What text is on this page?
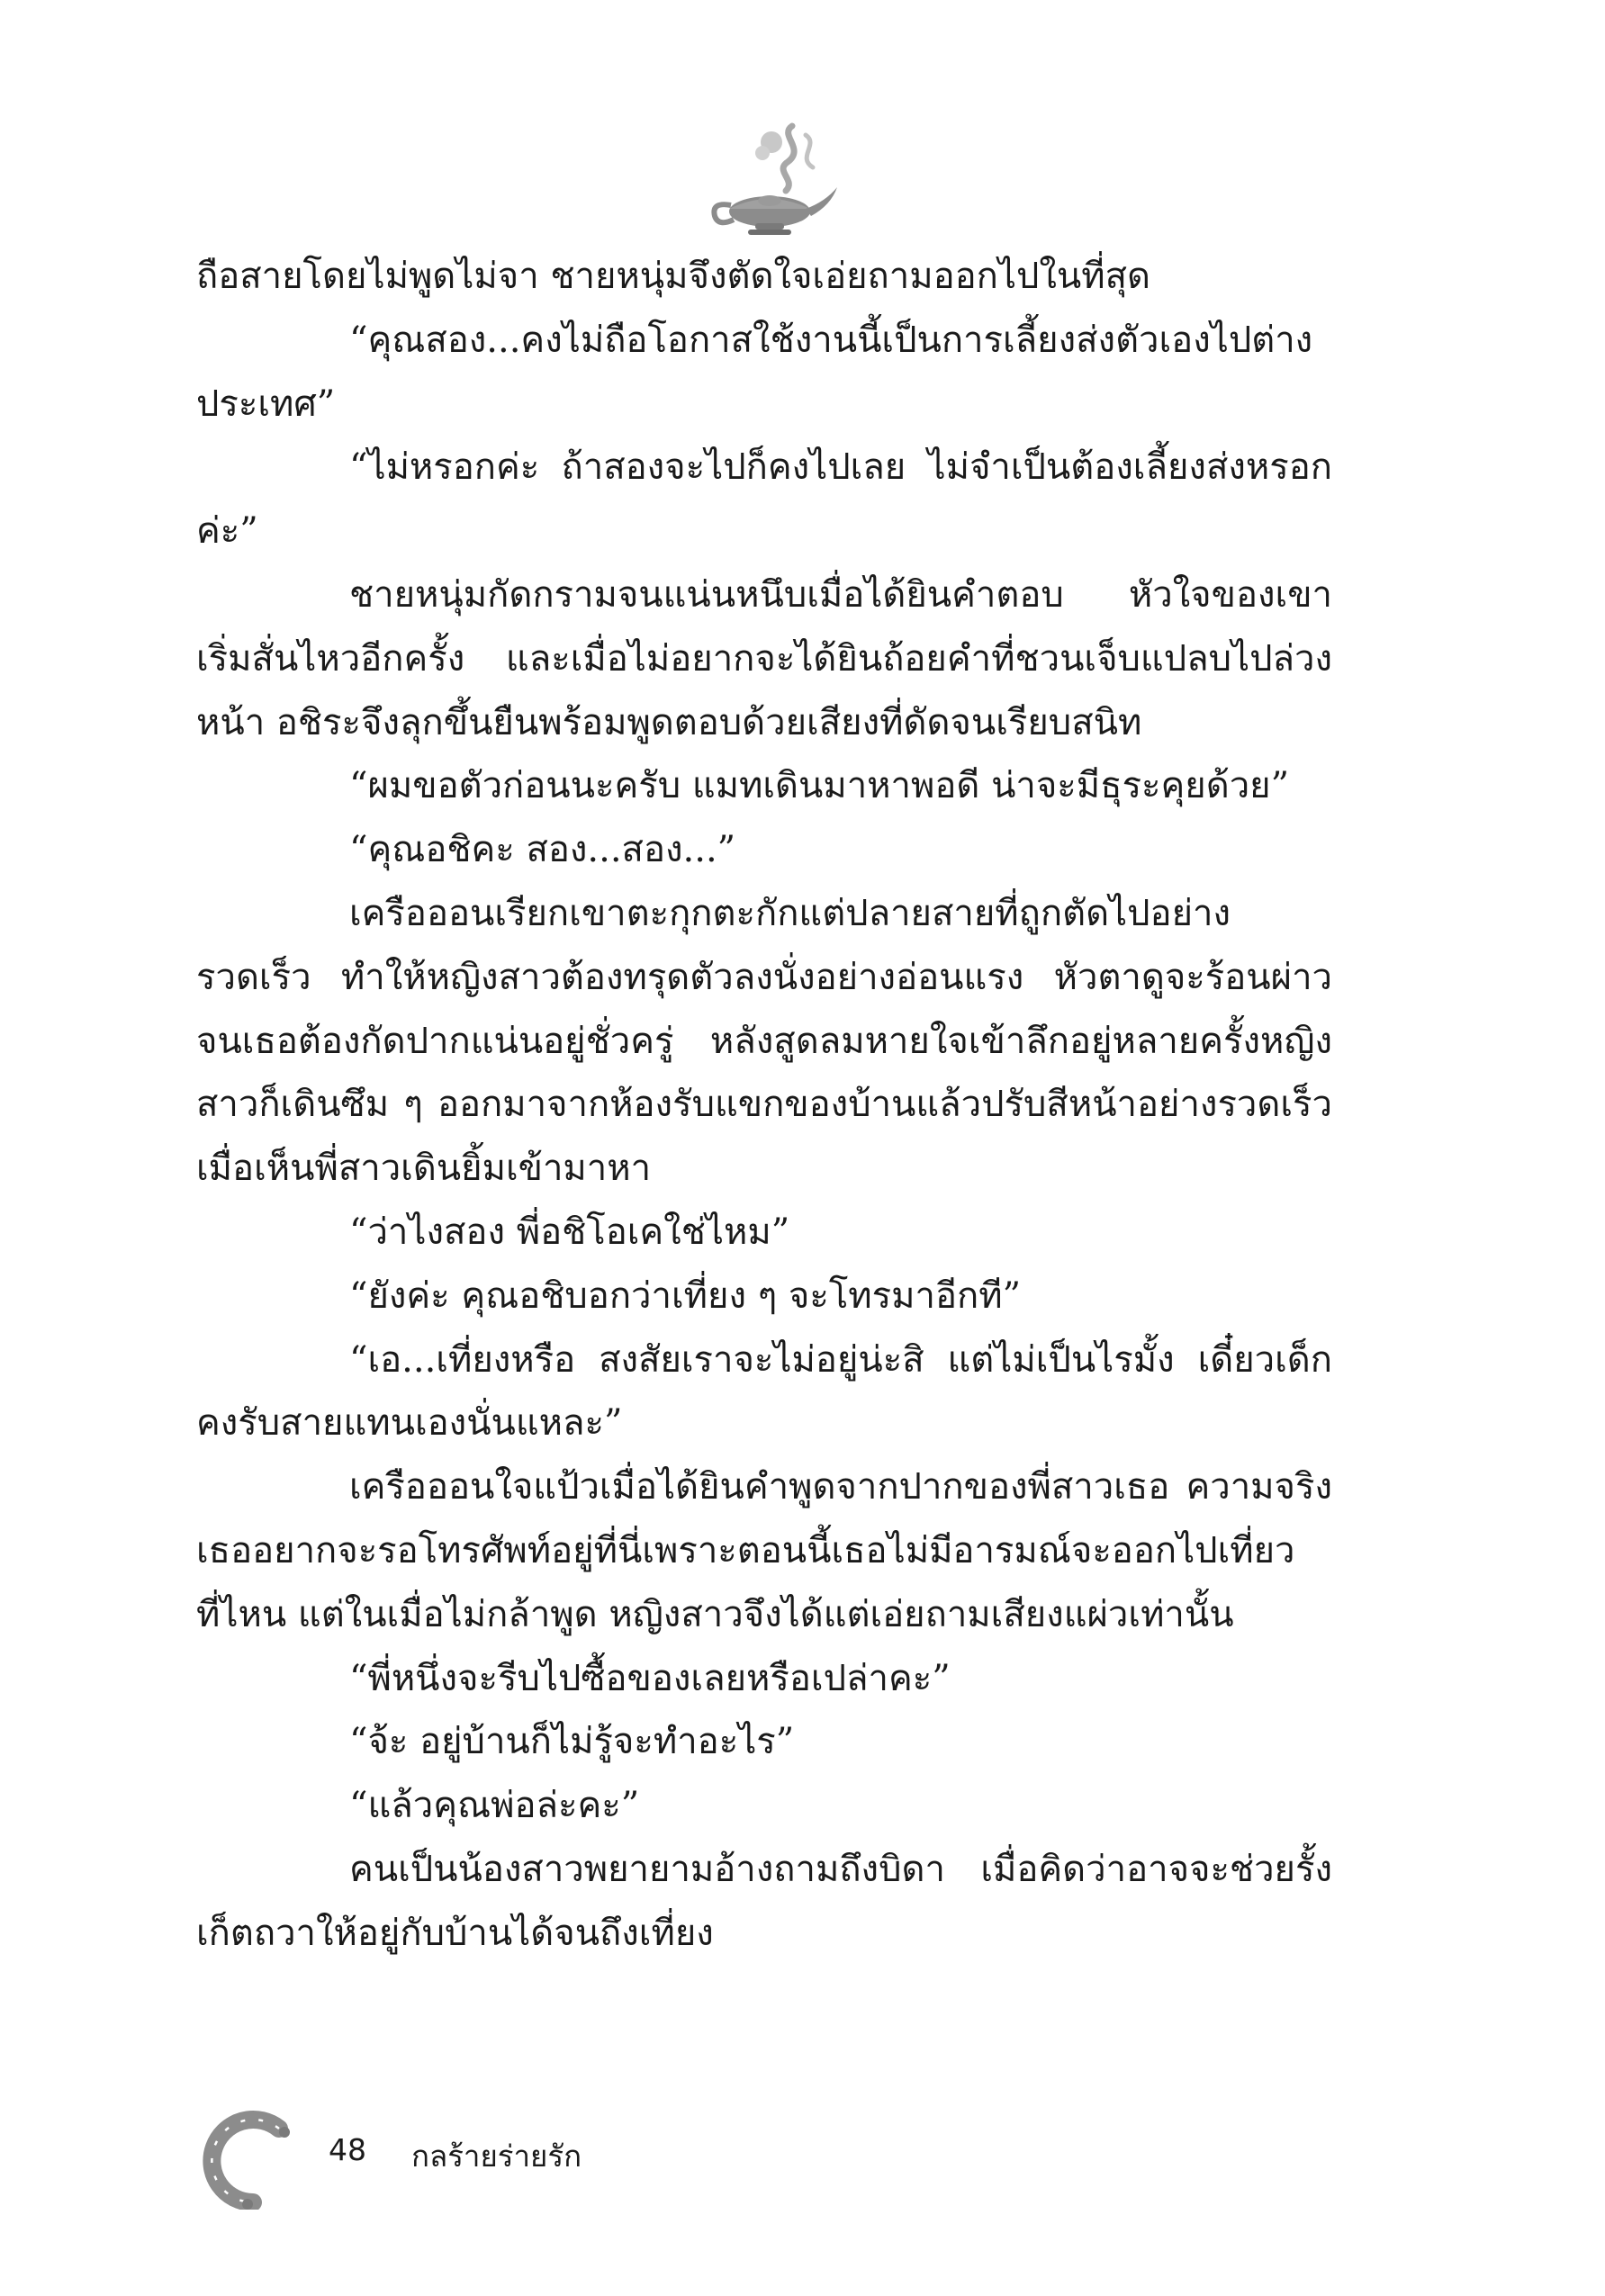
ถือสายโดยไม่พูดไม่จา ชายหนุ่มจึงตัดใจเอ่ยถามออกไปในที่สุด

“คุณสอง...คงไม่ถือโอกาสใช้งานนี้เป็นการเลี้ยงส่งตัวเองไปต่างประเทศ”

“ไม่หรอกค่ะ ถ้าสองจะไปก็คงไปเลย ไม่จำเป็นต้องเลี้ยงส่งหรอกค่ะ”

ชายหนุ่มกัดกรามจนแน่นหนึบเมื่อได้ยินคำตอบ หัวใจของเขาเริ่มสั่นไหวอีกครั้ง และเมื่อไม่อยากจะได้ยินถ้อยคำที่ชวนเจ็บแปลบไปล่วงหน้า อชิระจึงลุกขึ้นยืนพร้อมพูดตอบด้วยเสียงที่ดัดจนเรียบสนิท

“ผมขอตัวก่อนนะครับ แมทเดินมาหาพอดี น่าจะมีธุระคุยด้วย”

“คุณอชิคะ สอง...สอง...”

เครือออนเรียกเขาตะกุกตะกักแต่ปลายสายที่ถูกตัดไปอย่างรวดเร็ว ทำให้หญิงสาวต้องทรุดตัวลงนั่งอย่างอ่อนแรง หัวตาดูจะร้อนผ่าวจนเธอต้องกัดปากแน่นอยู่ชั่วครู่ หลังสูดลมหายใจเข้าลึกอยู่หลายครั้งหญิงสาวก็เดินซึม ๆ ออกมาจากห้องรับแขกของบ้านแล้วปรับสีหน้าอย่างรวดเร็วเมื่อเห็นพี่สาวเดินยิ้มเข้ามาหา

“ว่าไงสอง พี่อชิโอเคใช่ไหม”

“ยังค่ะ คุณอชิบอกว่าเที่ยง ๆ จะโทรมาอีกที”

“เอ...เที่ยงหรือ สงสัยเราจะไม่อยู่น่ะสิ แต่ไม่เป็นไรมั้ง เดี๋ยวเด็กคงรับสายแทนเองนั่นแหละ”

เครือออนใจแป้วเมื่อได้ยินคำพูดจากปากของพี่สาวเธอ ความจริงเธออยากจะรอโทรศัพท์อยู่ที่นี่เพราะตอนนี้เธอไม่มีอารมณ์จะออกไปเที่ยวที่ไหน แต่ในเมื่อไม่กล้าพูด หญิงสาวจึงได้แต่เอ่ยถามเสียงแผ่วเท่านั้น

“พี่หนึ่งจะรีบไปซื้อของเลยหรือเปล่าคะ”

“จ้ะ อยู่บ้านก็ไม่รู้จะทำอะไร”

“แล้วคุณพ่อล่ะคะ”

คนเป็นน้องสาวพยายามอ้างถามถึงบิดา เมื่อคิดว่าอาจจะช่วยรั้งเก็ตถวาให้อยู่กับบ้านได้จนถึงเที่ยง

48 กลร้ายร่ายรัก
